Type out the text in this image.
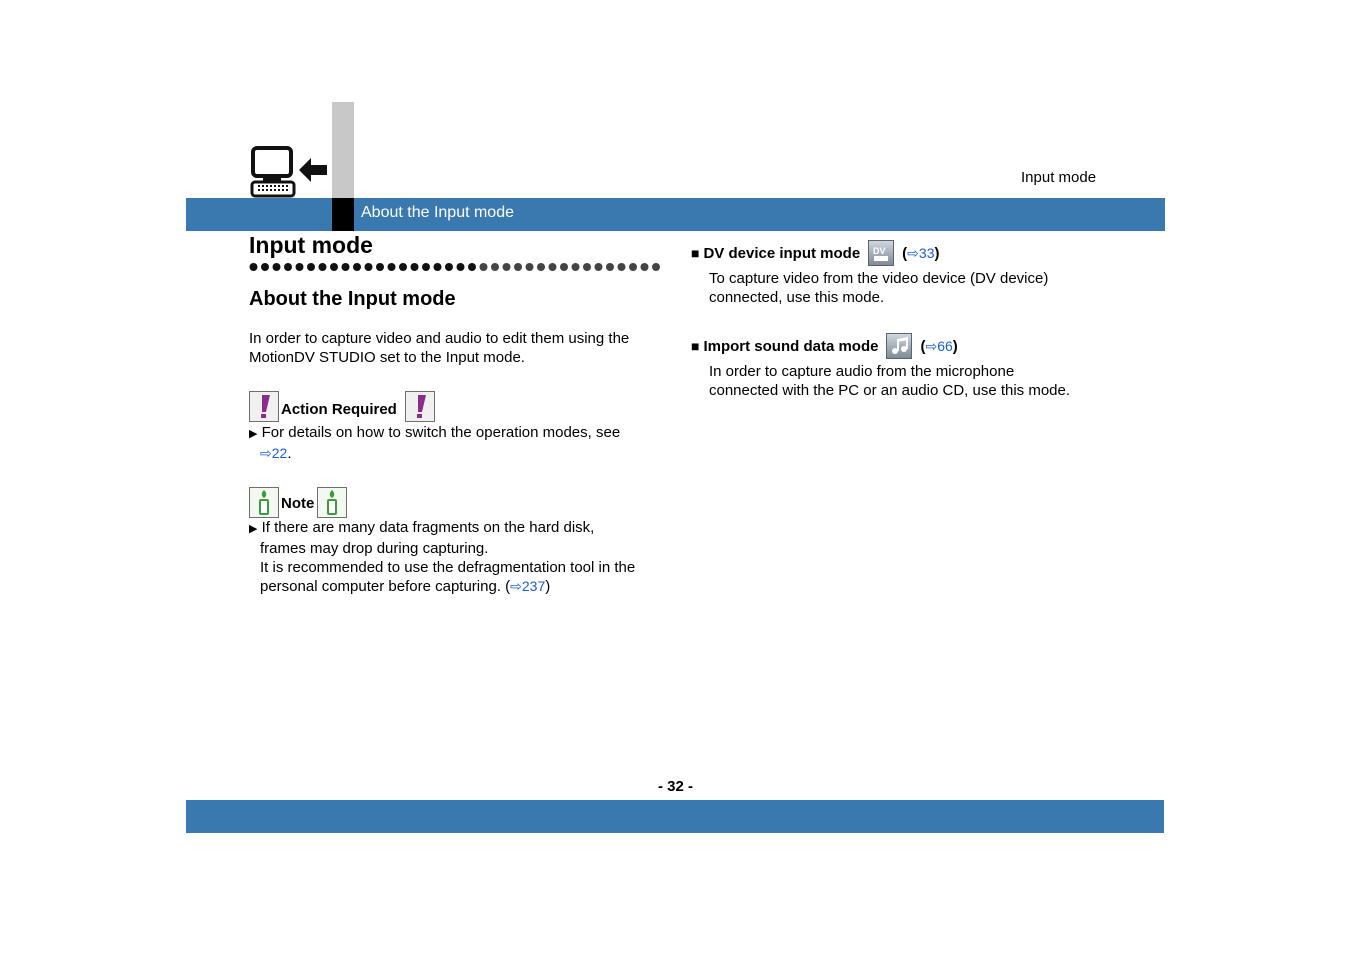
About the Input mode
Input mode
Input mode
About the Input mode
In order to capture video and audio to edit them using the
MotionDV STUDIO set to the Input mode.
Action Required
▶ For details on how to switch the operation modes, see
⇨22.
Note
▶ If there are many data fragments on the hard disk,
frames may drop during capturing.
It is recommended to use the defragmentation tool in the
personal computer before capturing. (⇨237)
■ DV device input mode DV ( ⇨33 )
To capture video from the video device (DV device)
connected, use this mode.
■ Import sound data mode	( ⇨66 )
In order to capture audio from the microphone
connected with the PC or an audio CD, use this mode.
- 32 -
